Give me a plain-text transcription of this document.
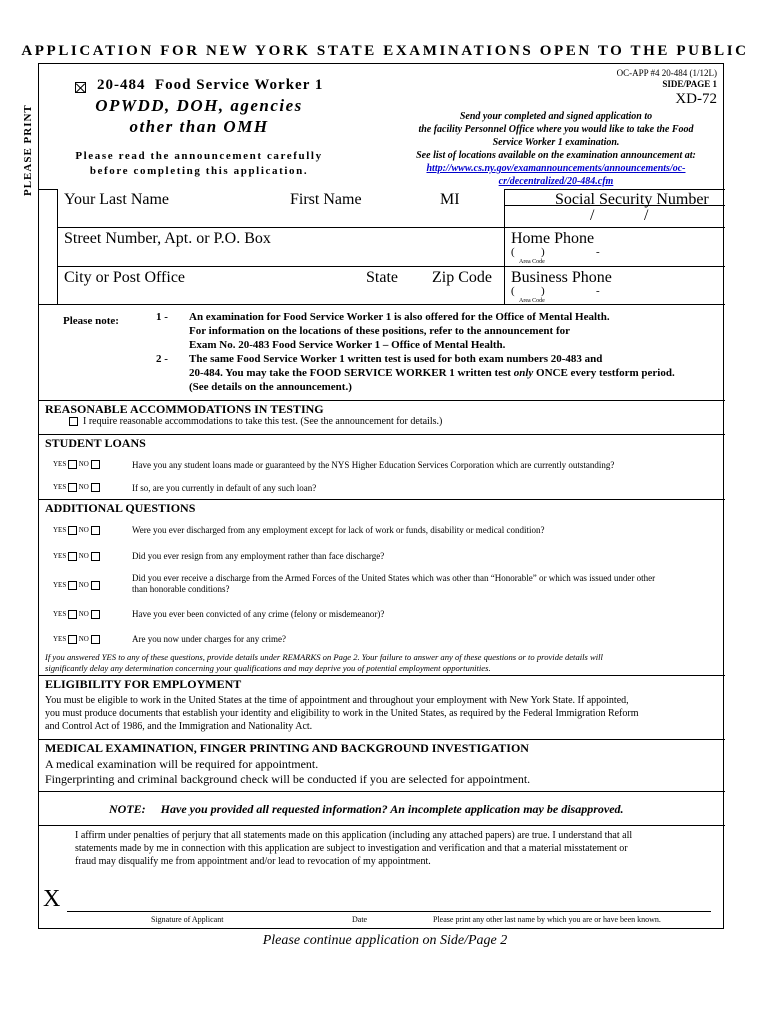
APPLICATION FOR NEW YORK STATE EXAMINATIONS OPEN TO THE PUBLIC
20-484 Food Service Worker 1
OPWDD, DOH, agencies
other than OMH
Please read the announcement carefully
before completing this application.
OC-APP #4 20-484 (1/12L)
SIDE/PAGE 1
XD-72
Send your completed and signed application to
the facility Personnel Office where you would like to take the Food
Service Worker 1 examination.
See list of locations available on the examination announcement at:
http://www.cs.ny.gov/examannouncements/announcements/oc-
cr/decentralized/20-484.cfm
Your Last Name	First Name	MI	Social Security Number
/	/
Street Number, Apt. or P.O. Box	Home Phone
( )	-
Area Code
City or Post Office	State Zip Code Business Phone
( )	-
Area Code
Please note:	1 - An examination for Food Service Worker 1 is also offered for the Office of Mental Health.
For information on the locations of these positions, refer to the announcement for
Exam No. 20-483 Food Service Worker 1 – Office of Mental Health.
2 - The same Food Service Worker 1 written test is used for both exam numbers 20-483 and
20-484. You may take the FOOD SERVICE WORKER 1 written test only ONCE every testform period.
(See details on the announcement.)
REASONABLE ACCOMMODATIONS IN TESTING
I require reasonable accommodations to take this test. (See the announcement for details.)
STUDENT LOANS
YES NO	Have you any student loans made or guaranteed by the NYS Higher Education Services Corporation which are currently outstanding?
YES NO	If so, are you currently in default of any such loan?
ADDITIONAL QUESTIONS
YES NO	Were you ever discharged from any employment except for lack of work or funds, disability or medical condition?
YES NO	Did you ever resign from any employment rather than face discharge?
YES NO
Did you ever receive a discharge from the Armed Forces of the United States which was other than “Honorable” or which was issued under other
than honorable conditions?
YES NO	Have you ever been convicted of any crime (felony or misdemeanor)?
YES NO	Are you now under charges for any crime?
If you answered YES to any of these questions, provide details under REMARKS on Page 2. Your failure to answer any of these questions or to provide details will
significantly delay any determination concerning your qualifications and may deprive you of potential employment opportunities.
ELIGIBILITY FOR EMPLOYMENT
You must be eligible to work in the United States at the time of appointment and throughout your employment with New York State. If appointed,
you must produce documents that establish your identity and eligibility to work in the United States, as required by the Federal Immigration Reform
and Control Act of 1986, and the Immigration and Nationality Act.
MEDICAL EXAMINATION, FINGER PRINTING AND BACKGROUND INVESTIGATION
A medical examination will be required for appointment.
Fingerprinting and criminal background check will be conducted if you are selected for appointment.
NOTE: Have you provided all requested information? An incomplete application may be disapproved.
I affirm under penalties of perjury that all statements made on this application (including any attached papers) are true. I understand that all
statements made by me in connection with this application are subject to investigation and verification and that a material misstatement or
fraud may disqualify me from appointment and/or lead to revocation of my appointment.
X
Signature of Applicant	Date	Please print any other last name by which you are or have been known.
PLEASE PRINT
Please continue application on Side/Page 2
